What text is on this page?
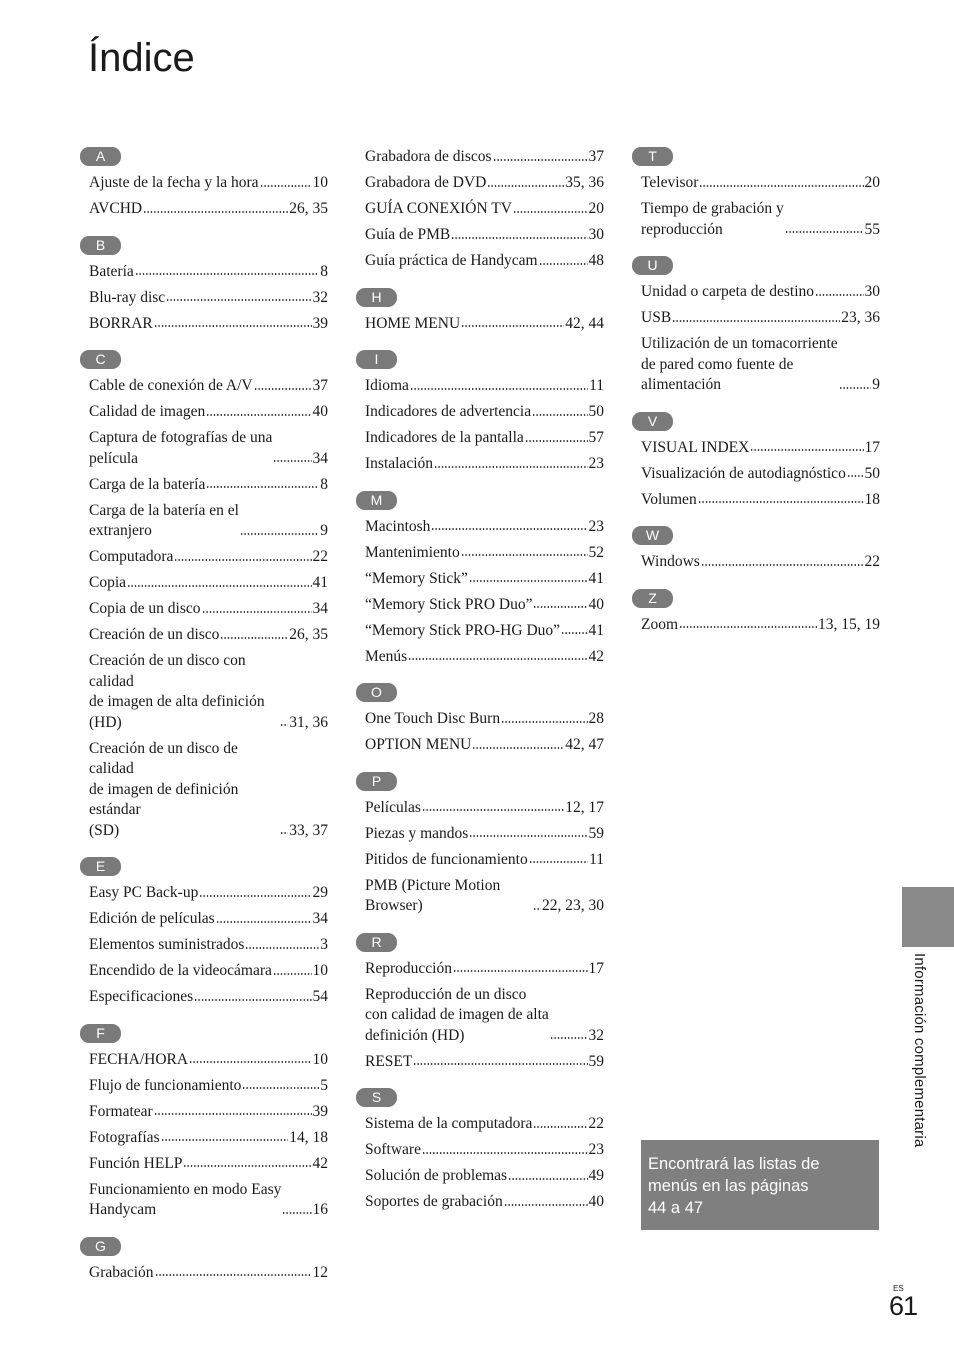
Índice
A
Ajuste de la fecha y la hora	10
AVCHD	26, 35
B
Batería	8
Blu-ray disc	32
BORRAR	39
C
Cable de conexión de A/V	37
Calidad de imagen	40
Captura de fotografías de una
película	34
Carga de la batería	8
Carga de la batería en el
extranjero	9
Computadora	22
Copia	41
Copia de un disco	34
Creación de un disco	26, 35
Creación de un disco con calidad
de imagen de alta definición
(HD)	31, 36
Creación de un disco de calidad
de imagen de definición estándar
(SD)	33, 37
E
Easy PC Back-up	29
Edición de películas	34
Elementos suministrados	3
Encendido de la videocámara	10
Especificaciones	54
F
FECHA/HORA	10
Flujo de funcionamiento	5
Formatear	39
Fotografías	14, 18
Función HELP	42
Funcionamiento en modo Easy
Handycam	16
G
Grabación	12
Grabadora de discos	37
Grabadora de DVD	35, 36
GUÍA CONEXIÓN TV	20
Guía de PMB	30
Guía práctica de Handycam	48
H
HOME MENU	42, 44
I
Idioma	11
Indicadores de advertencia	50
Indicadores de la pantalla	57
Instalación	23
M
Macintosh	23
Mantenimiento	52
“Memory Stick”	41
“Memory Stick PRO Duo”	40
“Memory Stick PRO-HG Duo” 41
Menús	42
O
One Touch Disc Burn	28
OPTION MENU	42, 47
P
Películas	12, 17
Piezas y mandos	59
Pitidos de funcionamiento	11
PMB (Picture Motion Browser)	22, 23, 30
R
Reproducción	17
Reproducción de un disco
con calidad de imagen de alta
definición (HD)	32
RESET	59
S
Sistema de la computadora	22
Software	23
Solución de problemas	49
Soportes de grabación	40
T
Televisor	20
Tiempo de grabación y
reproducción	55
U
Unidad o carpeta de destino	30
USB	23, 36
Utilización de un tomacorriente
de pared como fuente de
alimentación	9
V
VISUAL INDEX	17
Visualización de autodiagnóstico 50
Volumen	18
W
Windows	22
Z
Zoom	13, 15, 19
Información complementaria
Encontrará las listas de
menús en las páginas
44 a 47
ES
61
